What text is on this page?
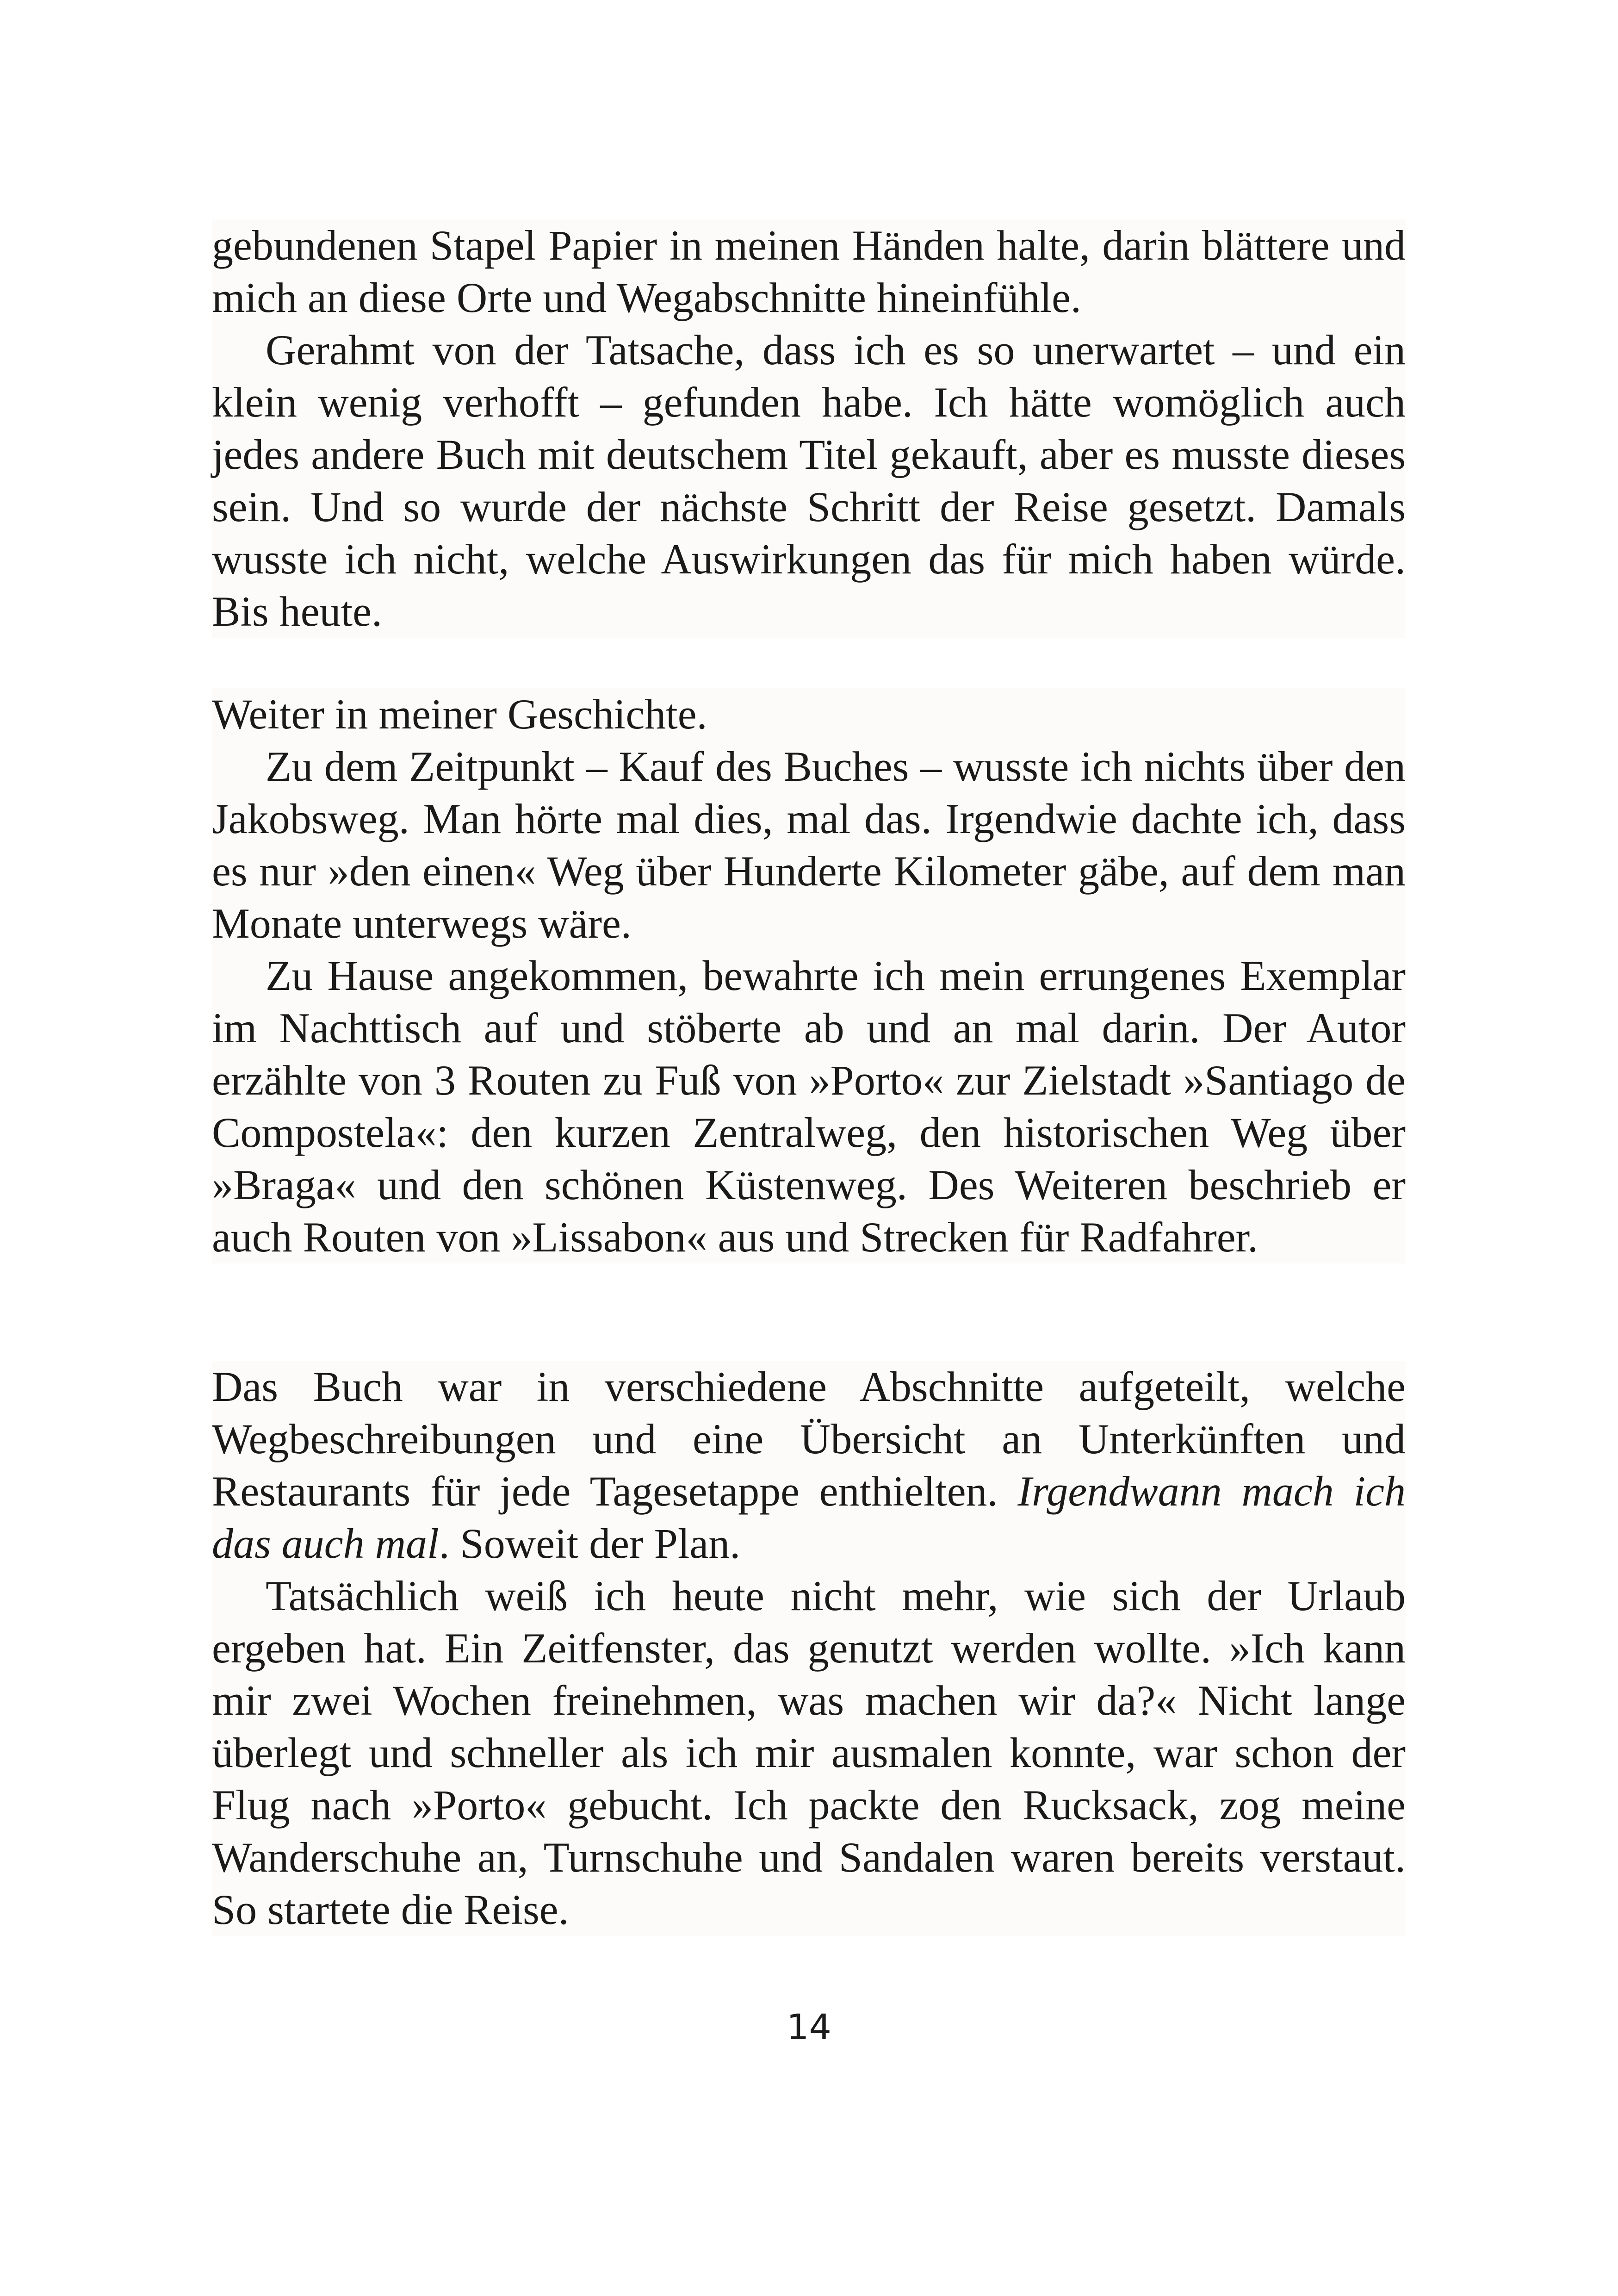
gebundenen Stapel Papier in meinen Händen halte, darin blättere und mich an diese Orte und Wegabschnitte hineinfühle.

Gerahmt von der Tatsache, dass ich es so unerwartet – und ein klein wenig verhofft – gefunden habe. Ich hätte womöglich auch jedes andere Buch mit deutschem Titel gekauft, aber es musste dieses sein. Und so wurde der nächste Schritt der Reise gesetzt. Damals wusste ich nicht, welche Auswirkungen das für mich haben würde. Bis heute.

Weiter in meiner Geschichte.

Zu dem Zeitpunkt – Kauf des Buches – wusste ich nichts über den Jakobsweg. Man hörte mal dies, mal das. Irgendwie dachte ich, dass es nur »den einen« Weg über Hunderte Kilometer gäbe, auf dem man Monate unterwegs wäre.

Zu Hause angekommen, bewahrte ich mein errungenes Exemplar im Nachttisch auf und stöberte ab und an mal darin. Der Autor erzählte von 3 Routen zu Fuß von »Porto« zur Zielstadt »Santiago de Compostela«: den kurzen Zentralweg, den historischen Weg über »Braga« und den schönen Küstenweg. Des Weiteren beschrieb er auch Routen von »Lissabon« aus und Strecken für Radfahrer.

Das Buch war in verschiedene Abschnitte aufgeteilt, welche Wegbeschreibungen und eine Übersicht an Unterkünften und Restaurants für jede Tagesetappe enthielten. Irgendwann mach ich das auch mal. Soweit der Plan.

Tatsächlich weiß ich heute nicht mehr, wie sich der Urlaub ergeben hat. Ein Zeitfenster, das genutzt werden wollte. »Ich kann mir zwei Wochen freinehmen, was machen wir da?« Nicht lange überlegt und schneller als ich mir ausmalen konnte, war schon der Flug nach »Porto« gebucht. Ich packte den Rucksack, zog meine Wanderschuhe an, Turnschuhe und Sandalen waren bereits verstaut. So startete die Reise.

14
